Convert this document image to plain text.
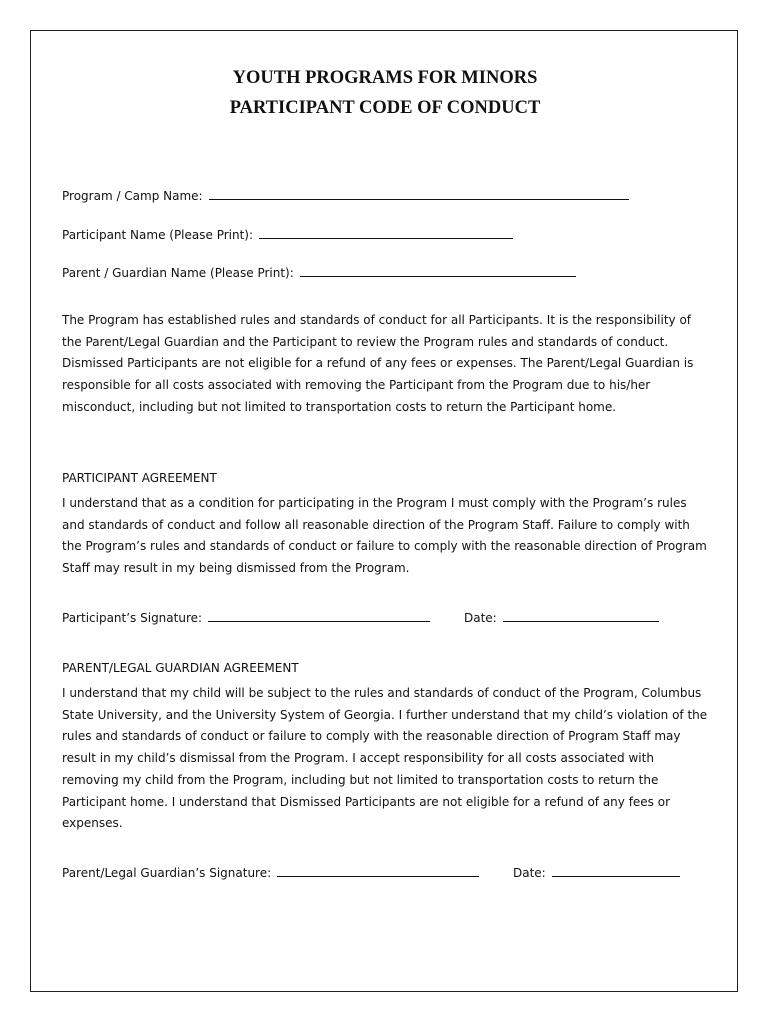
YOUTH PROGRAMS FOR MINORS
PARTICIPANT CODE OF CONDUCT
Program / Camp Name:
Participant Name (Please Print):
Parent / Guardian Name (Please Print):

The Program has established rules and standards of conduct for all Participants. It is the responsibility of the Parent/Legal Guardian and the Participant to review the Program rules and standards of conduct. Dismissed Participants are not eligible for a refund of any fees or expenses. The Parent/Legal Guardian is responsible for all costs associated with removing the Participant from the Program due to his/her misconduct, including but not limited to transportation costs to return the Participant home.

PARTICIPANT AGREEMENT

I understand that as a condition for participating in the Program I must comply with the Program’s rules and standards of conduct and follow all reasonable direction of the Program Staff. Failure to comply with the Program’s rules and standards of conduct or failure to comply with the reasonable direction of Program Staff may result in my being dismissed from the Program.

Participant’s Signature:	Date:

PARENT/LEGAL GUARDIAN AGREEMENT

I understand that my child will be subject to the rules and standards of conduct of the Program, Columbus State University, and the University System of Georgia. I further understand that my child’s violation of the rules and standards of conduct or failure to comply with the reasonable direction of Program Staff may result in my child’s dismissal from the Program. I accept responsibility for all costs associated with removing my child from the Program, including but not limited to transportation costs to return the Participant home. I understand that Dismissed Participants are not eligible for a refund of any fees or expenses.

Parent/Legal Guardian’s Signature:	Date:
